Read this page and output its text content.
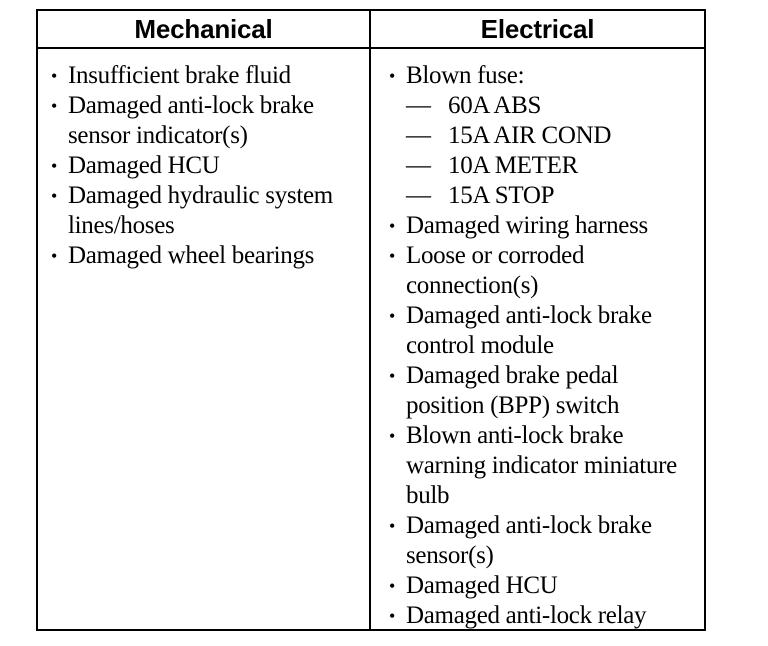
Mechanical	Electrical
• Insufficient brake fluid
• Damaged anti-lock brake sensor indicator(s)
• Damaged HCU
• Damaged hydraulic system lines/hoses
• Damaged wheel bearings
• Blown fuse:
— 60A ABS
— 15A AIR COND
— 10A METER
— 15A STOP
• Damaged wiring harness
• Loose or corroded connection(s)
• Damaged anti-lock brake control module
• Damaged brake pedal position (BPP) switch
• Blown anti-lock brake warning indicator miniature bulb
• Damaged anti-lock brake sensor(s)
• Damaged HCU
• Damaged anti-lock relay
